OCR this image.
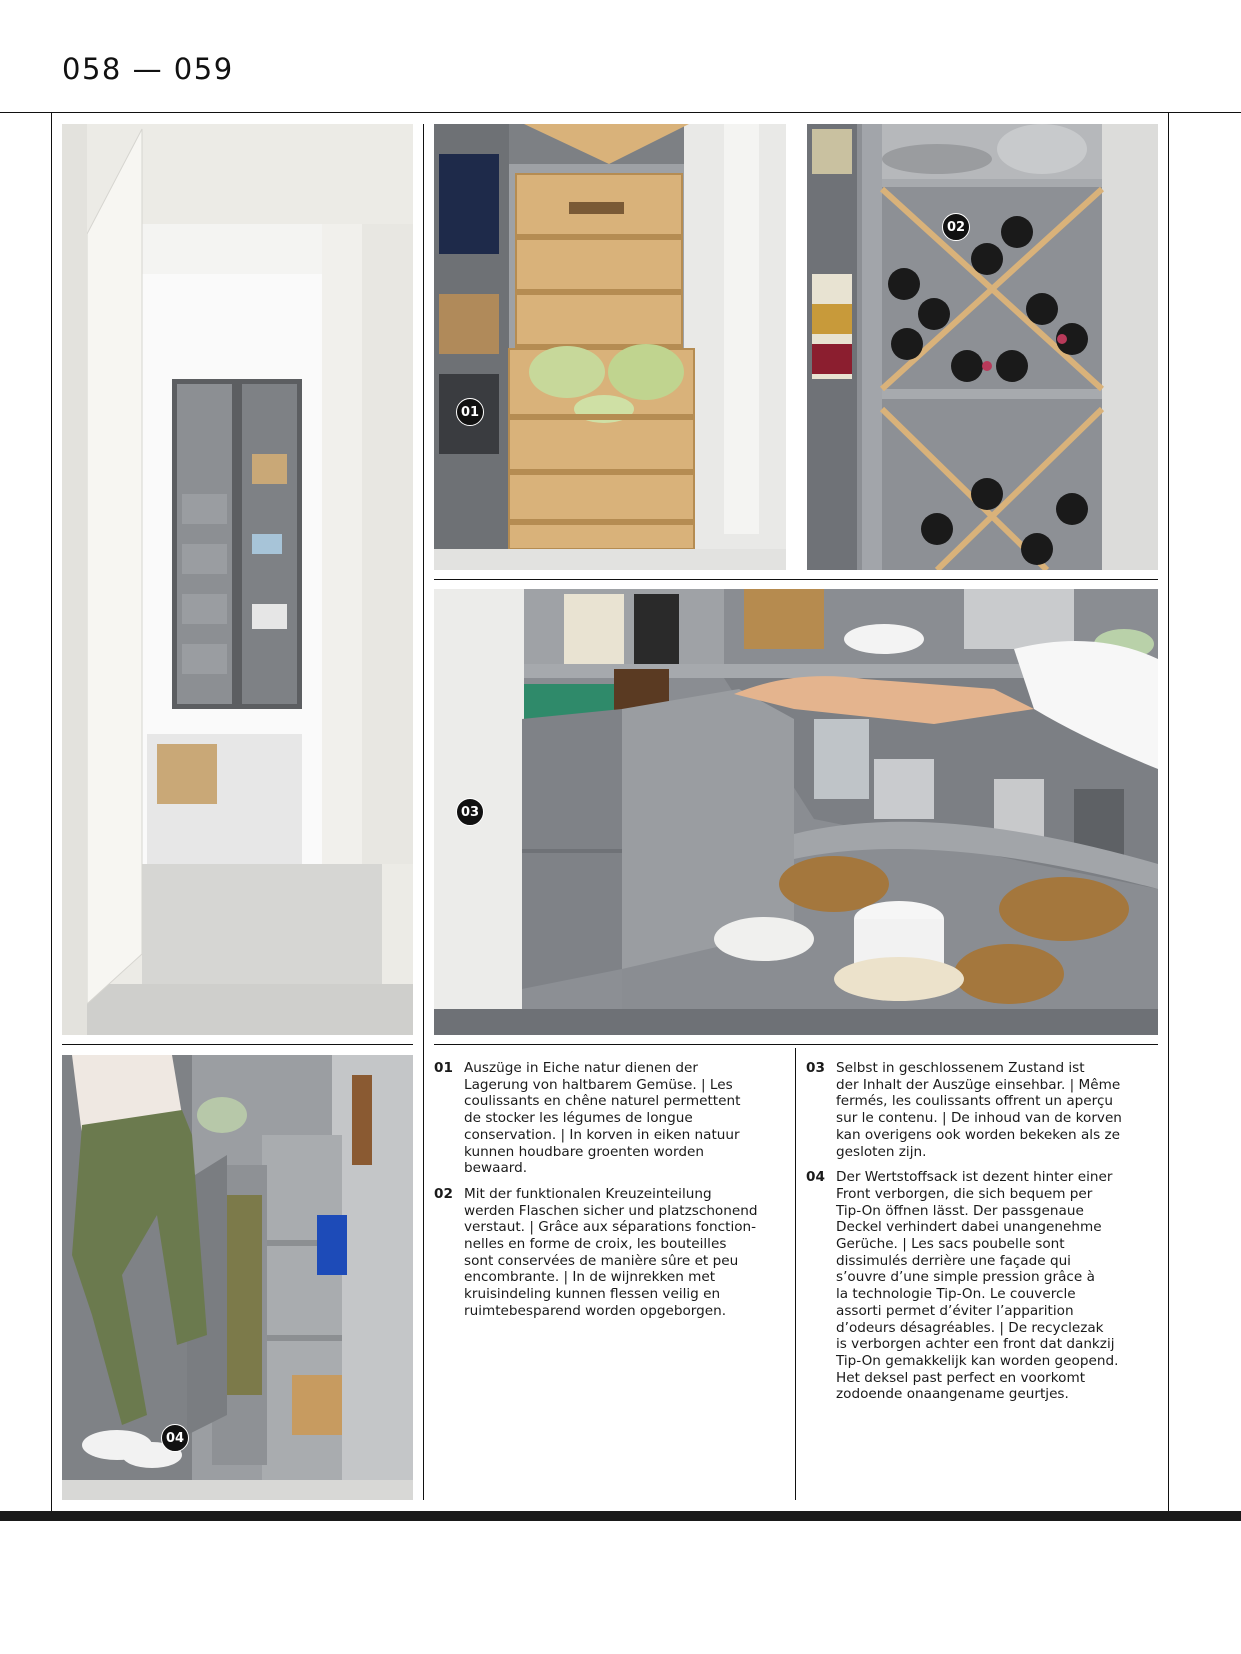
058 — 059
01
02
03
04
01 Auszüge in Eiche natur dienen der
Lagerung von haltbarem Gemüse. | Les
coulissants en chêne naturel permettent
de stocker les légumes de longue
conservation. | In korven in eiken natuur
kunnen houdbare groenten worden
bewaard.
02 Mit der funktionalen Kreuzeinteilung
werden Flaschen sicher und platzschonend
verstaut. | Grâce aux séparations fonction-
nelles en forme de croix, les bouteilles
sont conservées de manière sûre et peu
encombrante. | In de wijnrekken met
kruisindeling kunnen flessen veilig en
ruimtebesparend worden opgeborgen.
03 Selbst in geschlossenem Zustand ist
der Inhalt der Auszüge einsehbar. | Même
fermés, les coulissants offrent un aperçu
sur le contenu. | De inhoud van de korven
kan overigens ook worden bekeken als ze
gesloten zijn.
04 Der Wertstoffsack ist dezent hinter einer
Front verborgen, die sich bequem per
Tip-On öffnen lässt. Der passgenaue
Deckel verhindert dabei unangenehme
Gerüche. | Les sacs poubelle sont
dissimulés derrière une façade qui
s’ouvre d’une simple pression grâce à
la technologie Tip-On. Le couvercle
assorti permet d’éviter l’apparition
d’odeurs désagréables. | De recyclezak
is verborgen achter een front dat dankzij
Tip-On gemakkelijk kan worden geopend.
Het deksel past perfect en voorkomt
zodoende onaangename geurtjes.
